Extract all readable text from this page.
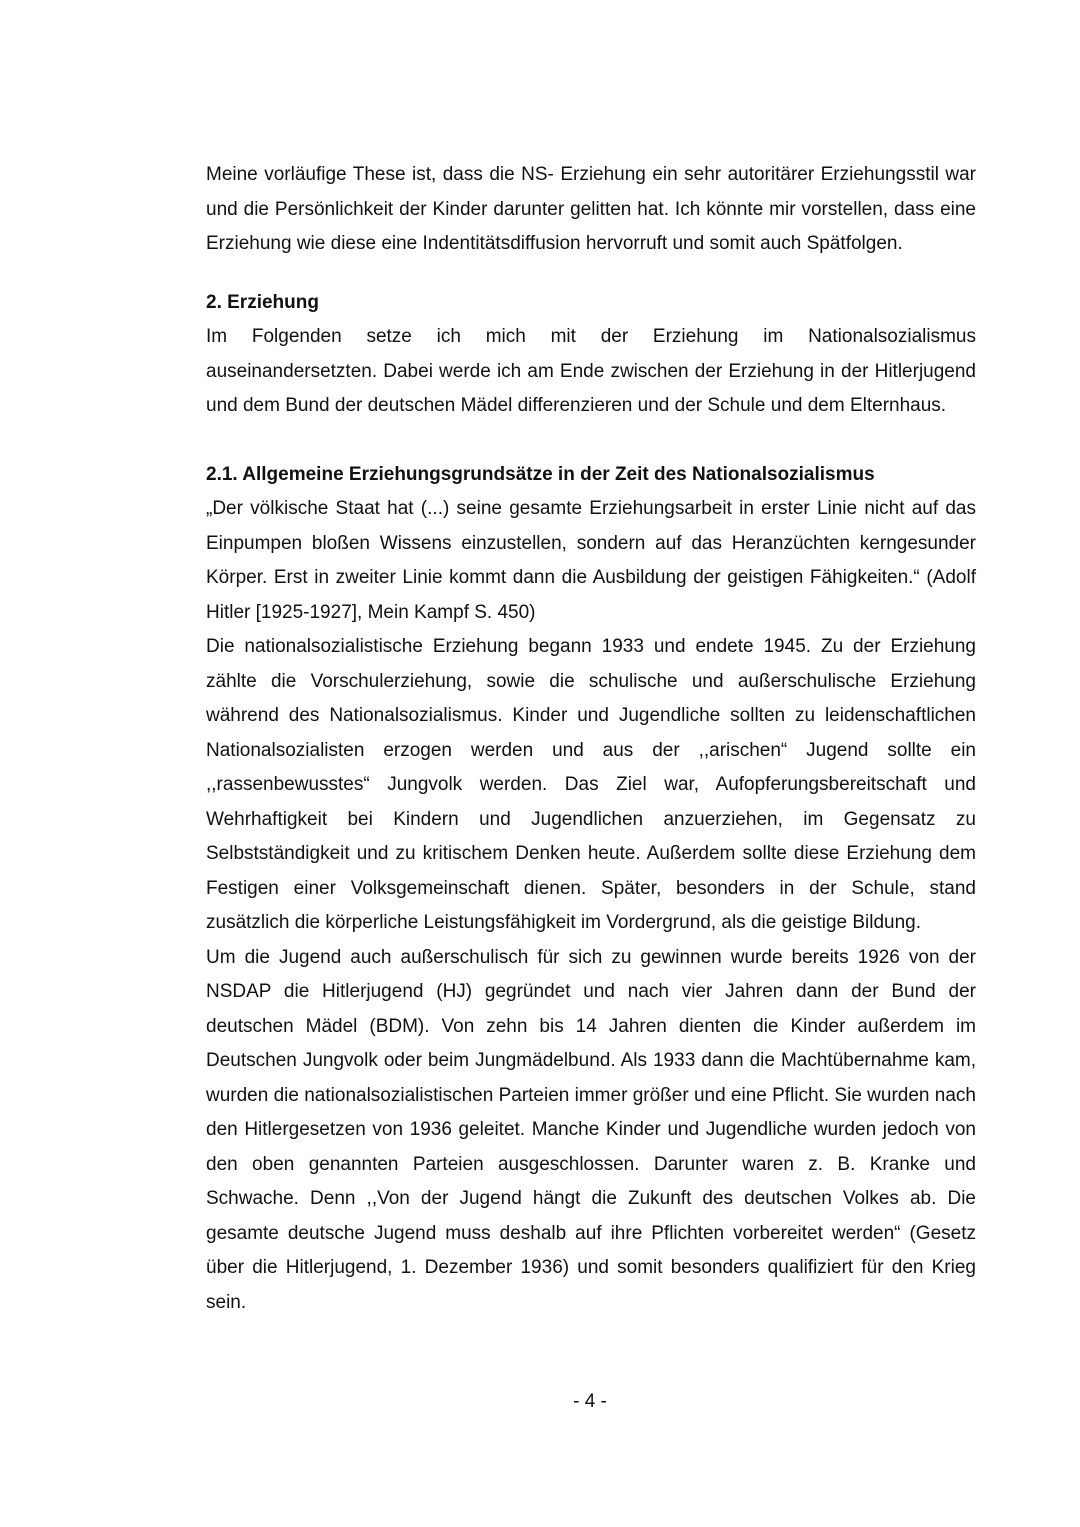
Meine vorläufige These ist, dass die NS- Erziehung ein sehr autoritärer Erziehungsstil war und die Persönlichkeit der Kinder darunter gelitten hat. Ich könnte mir vorstellen, dass eine Erziehung wie diese eine Indentitätsdiffusion hervorruft und somit auch Spätfolgen.

2. Erziehung

Im Folgenden setze ich mich mit der Erziehung im Nationalsozialismus auseinandersetzten. Dabei werde ich am Ende zwischen der Erziehung in der Hitlerjugend und dem Bund der deutschen Mädel differenzieren und der Schule und dem Elternhaus.

2.1. Allgemeine Erziehungsgrundsätze in der Zeit des Nationalsozialismus

„Der völkische Staat hat (...) seine gesamte Erziehungsarbeit in erster Linie nicht auf das Einpumpen bloßen Wissens einzustellen, sondern auf das Heranzüchten kerngesunder Körper. Erst in zweiter Linie kommt dann die Ausbildung der geistigen Fähigkeiten.“ (Adolf Hitler [1925-1927], Mein Kampf S. 450)

Die nationalsozialistische Erziehung begann 1933 und endete 1945. Zu der Erziehung zählte die Vorschulerziehung, sowie die schulische und außerschulische Erziehung während des Nationalsozialismus. Kinder und Jugendliche sollten zu leidenschaftlichen Nationalsozialisten erzogen werden und aus der ,,arischen“ Jugend sollte ein ,,rassenbewusstes“ Jungvolk werden. Das Ziel war, Aufopferungsbereitschaft und Wehrhaftigkeit bei Kindern und Jugendlichen anzuerziehen, im Gegensatz zu Selbstständigkeit und zu kritischem Denken heute. Außerdem sollte diese Erziehung dem Festigen einer Volksgemeinschaft dienen. Später, besonders in der Schule, stand zusätzlich die körperliche Leistungsfähigkeit im Vordergrund, als die geistige Bildung.

Um die Jugend auch außerschulisch für sich zu gewinnen wurde bereits 1926 von der NSDAP die Hitlerjugend (HJ) gegründet und nach vier Jahren dann der Bund der deutschen Mädel (BDM). Von zehn bis 14 Jahren dienten die Kinder außerdem im Deutschen Jungvolk oder beim Jungmädelbund. Als 1933 dann die Machtübernahme kam, wurden die nationalsozialistischen Parteien immer größer und eine Pflicht. Sie wurden nach den Hitlergesetzen von 1936 geleitet. Manche Kinder und Jugendliche wurden jedoch von den oben genannten Parteien ausgeschlossen. Darunter waren z. B. Kranke und Schwache. Denn ,,Von der Jugend hängt die Zukunft des deutschen Volkes ab. Die gesamte deutsche Jugend muss deshalb auf ihre Pflichten vorbereitet werden“ (Gesetz über die Hitlerjugend, 1. Dezember 1936) und somit besonders qualifiziert für den Krieg sein.

- 4 -
